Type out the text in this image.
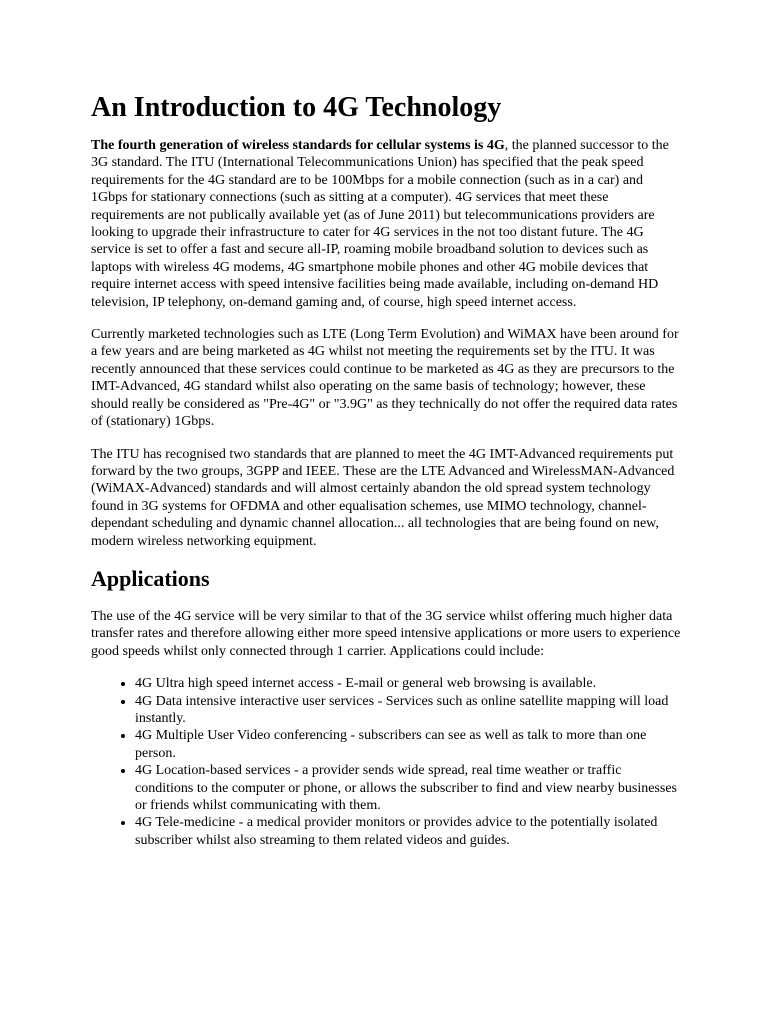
An Introduction to 4G Technology

The fourth generation of wireless standards for cellular systems is 4G, the planned successor to the 3G standard. The ITU (International Telecommunications Union) has specified that the peak speed requirements for the 4G standard are to be 100Mbps for a mobile connection (such as in a car) and 1Gbps for stationary connections (such as sitting at a computer). 4G services that meet these requirements are not publically available yet (as of June 2011) but telecommunications providers are looking to upgrade their infrastructure to cater for 4G services in the not too distant future. The 4G service is set to offer a fast and secure all-IP, roaming mobile broadband solution to devices such as laptops with wireless 4G modems, 4G smartphone mobile phones and other 4G mobile devices that require internet access with speed intensive facilities being made available, including on-demand HD television, IP telephony, on-demand gaming and, of course, high speed internet access.

Currently marketed technologies such as LTE (Long Term Evolution) and WiMAX have been around for a few years and are being marketed as 4G whilst not meeting the requirements set by the ITU. It was recently announced that these services could continue to be marketed as 4G as they are precursors to the IMT-Advanced, 4G standard whilst also operating on the same basis of technology; however, these should really be considered as "Pre-4G" or "3.9G" as they technically do not offer the required data rates of (stationary) 1Gbps.

The ITU has recognised two standards that are planned to meet the 4G IMT-Advanced requirements put forward by the two groups, 3GPP and IEEE. These are the LTE Advanced and WirelessMAN-Advanced (WiMAX-Advanced) standards and will almost certainly abandon the old spread system technology found in 3G systems for OFDMA and other equalisation schemes, use MIMO technology, channel-dependant scheduling and dynamic channel allocation... all technologies that are being found on new, modern wireless networking equipment.

Applications

The use of the 4G service will be very similar to that of the 3G service whilst offering much higher data transfer rates and therefore allowing either more speed intensive applications or more users to experience good speeds whilst only connected through 1 carrier. Applications could include:

• 4G Ultra high speed internet access - E-mail or general web browsing is available.
• 4G Data intensive interactive user services - Services such as online satellite mapping will load instantly.
• 4G Multiple User Video conferencing - subscribers can see as well as talk to more than one person.
• 4G Location-based services - a provider sends wide spread, real time weather or traffic conditions to the computer or phone, or allows the subscriber to find and view nearby businesses or friends whilst communicating with them.
• 4G Tele-medicine - a medical provider monitors or provides advice to the potentially isolated subscriber whilst also streaming to them related videos and guides.
